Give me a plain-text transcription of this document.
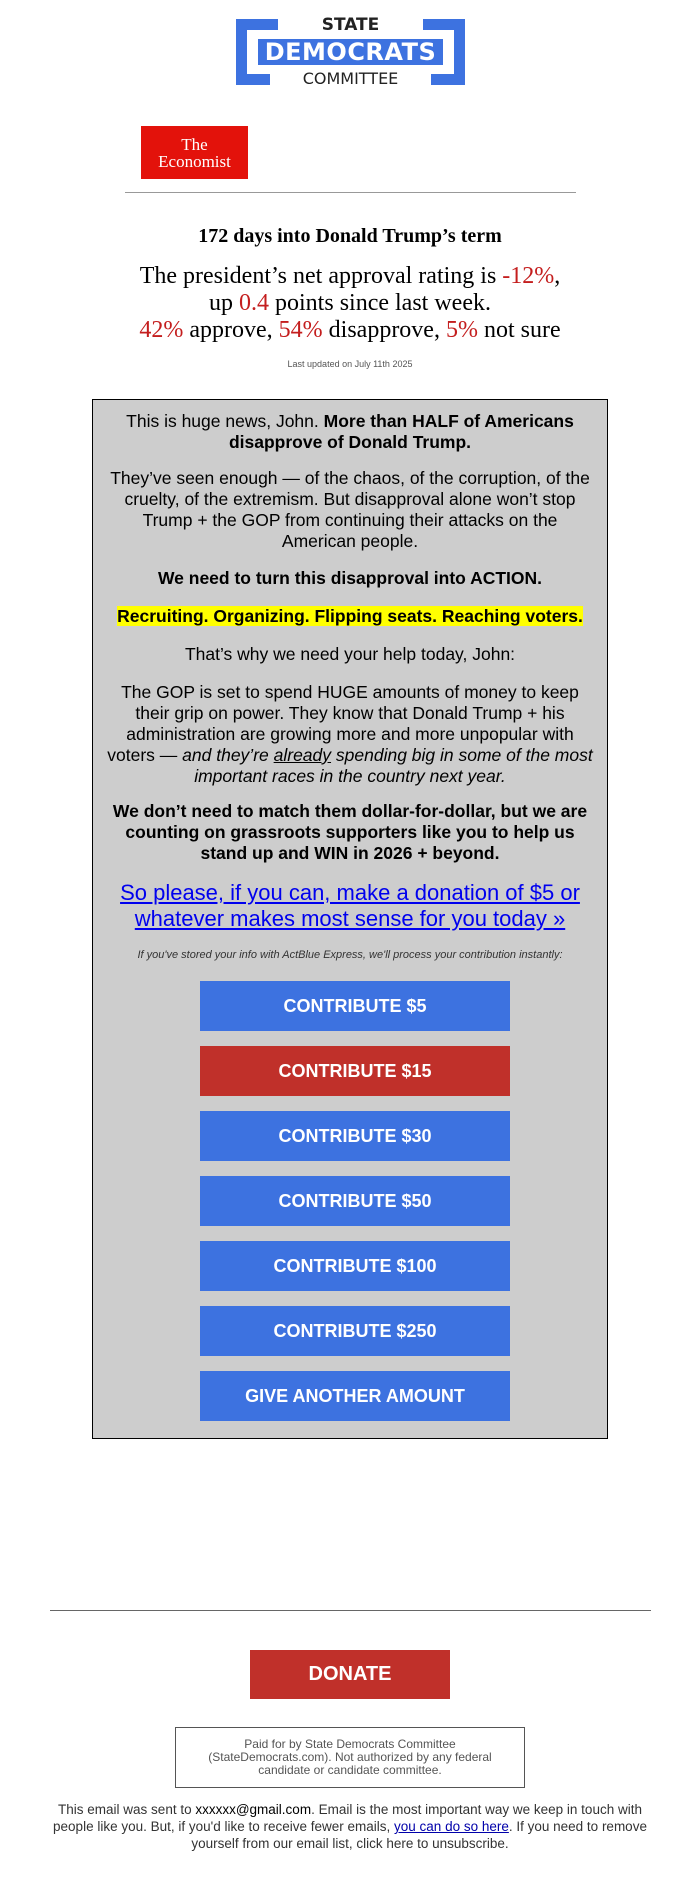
STATE
DEMOCRATS
COMMITTEE
The
Economist
172 days into Donald Trump’s term
The president’s net approval rating is -12%,
up 0.4 points since last week.
42% approve, 54% disapprove, 5% not sure
Last updated on July 11th 2025

This is huge news, John. More than HALF of Americans disapprove of Donald Trump.

They’ve seen enough — of the chaos, of the corruption, of the cruelty, of the extremism. But disapproval alone won’t stop Trump + the GOP from continuing their attacks on the American people.

We need to turn this disapproval into ACTION.

Recruiting. Organizing. Flipping seats. Reaching voters.

That’s why we need your help today, John:

The GOP is set to spend HUGE amounts of money to keep their grip on power. They know that Donald Trump + his administration are growing more and more unpopular with voters — and they’re already spending big in some of the most important races in the country next year.

We don’t need to match them dollar-for-dollar, but we are counting on grassroots supporters like you to help us stand up and WIN in 2026 + beyond.

So please, if you can, make a donation of $5 or whatever makes most sense for you today »

If you've stored your info with ActBlue Express, we'll process your contribution instantly:

CONTRIBUTE $5
CONTRIBUTE $15
CONTRIBUTE $30
CONTRIBUTE $50
CONTRIBUTE $100
CONTRIBUTE $250
GIVE ANOTHER AMOUNT
DONATE
Paid for by State Democrats Committee (StateDemocrats.com). Not authorized by any federal candidate or candidate committee.
This email was sent to xxxxxx@gmail.com. Email is the most important way we keep in touch with people like you. But, if you'd like to receive fewer emails, you can do so here. If you need to remove yourself from our email list, click here to unsubscribe.
